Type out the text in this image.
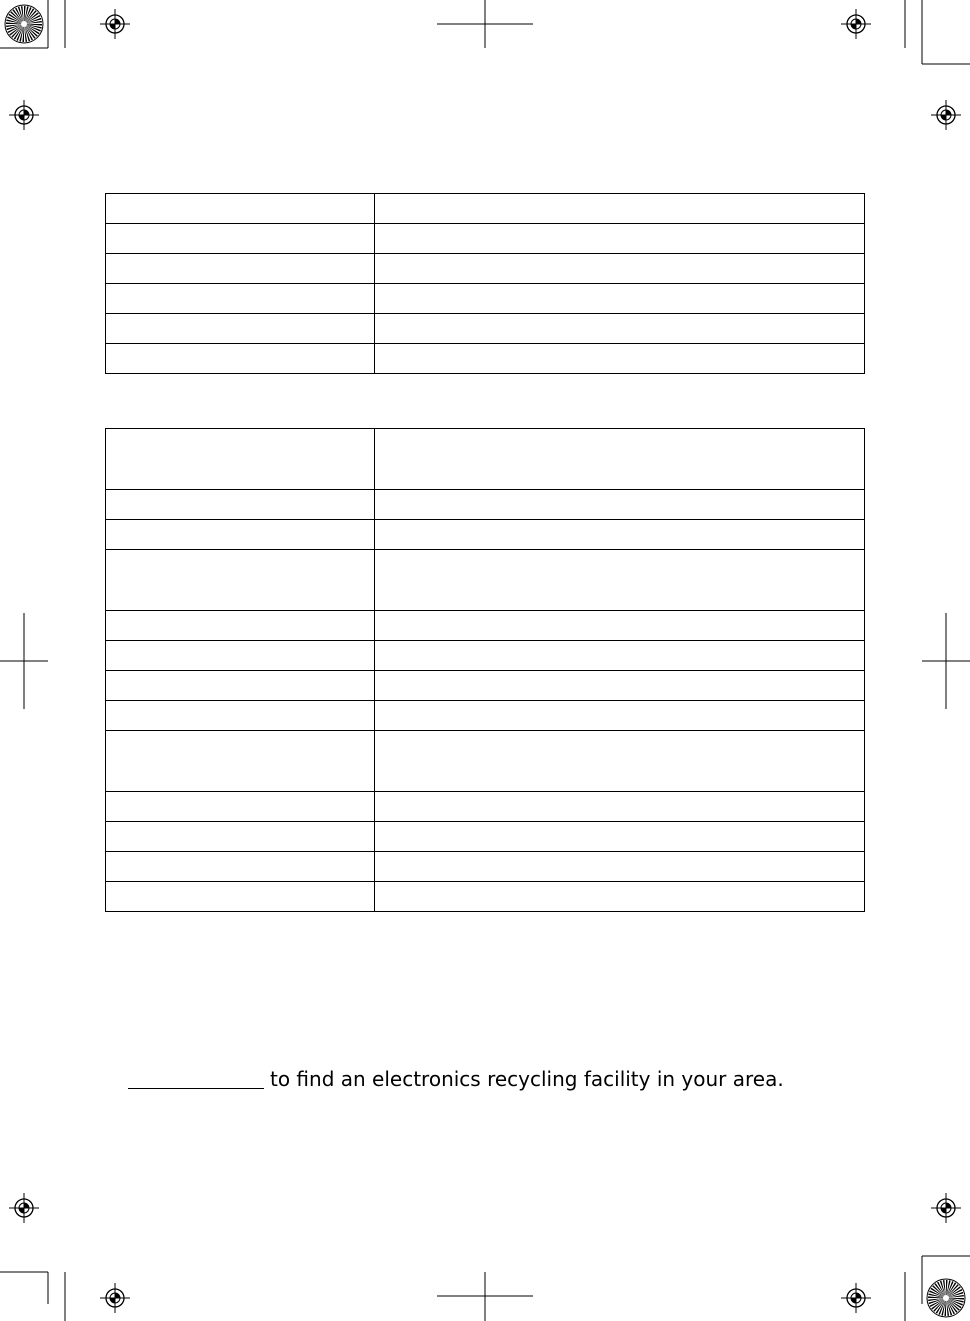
to find an electronics recycling facility in your area.
